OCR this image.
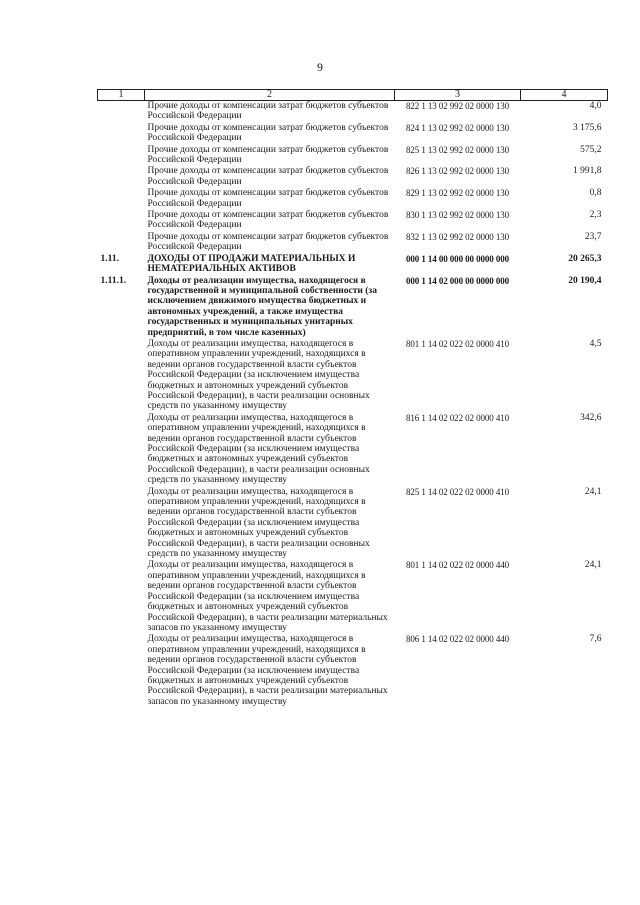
9
1	2	3	4
	Прочие доходы от компенсации затрат бюджетов субъектов Российской Федерации	822 1 13 02 992 02 0000 130	4,0
	Прочие доходы от компенсации затрат бюджетов субъектов Российской Федерации	824 1 13 02 992 02 0000 130	3 175,6
	Прочие доходы от компенсации затрат бюджетов субъектов Российской Федерации	825 1 13 02 992 02 0000 130	575,2
	Прочие доходы от компенсации затрат бюджетов субъектов Российской Федерации	826 1 13 02 992 02 0000 130	1 991,8
	Прочие доходы от компенсации затрат бюджетов субъектов Российской Федерации	829 1 13 02 992 02 0000 130	0,8
	Прочие доходы от компенсации затрат бюджетов субъектов Российской Федерации	830 1 13 02 992 02 0000 130	2,3
	Прочие доходы от компенсации затрат бюджетов субъектов Российской Федерации	832 1 13 02 992 02 0000 130	23,7
1.11.	ДОХОДЫ ОТ ПРОДАЖИ МАТЕРИАЛЬНЫХ И НЕМАТЕРИАЛЬНЫХ АКТИВОВ	000 1 14 00 000 00 0000 000	20 265,3
1.11.1.	Доходы от реализации имущества, находящегося в государственной и муниципальной собственности (за исключением движимого имущества бюджетных и автономных учреждений, а также имущества государственных и муниципальных унитарных предприятий, в том числе казенных)	000 1 14 02 000 00 0000 000	20 190,4
	Доходы от реализации имущества, находящегося в оперативном управлении учреждений, находящихся в ведении органов государственной власти субъектов Российской Федерации (за исключением имущества бюджетных и автономных учреждений субъектов Российской Федерации), в части реализации основных средств по указанному имуществу	801 1 14 02 022 02 0000 410	4,5
	Доходы от реализации имущества, находящегося в оперативном управлении учреждений, находящихся в ведении органов государственной власти субъектов Российской Федерации (за исключением имущества бюджетных и автономных учреждений субъектов Российской Федерации), в части реализации основных средств по указанному имуществу	816 1 14 02 022 02 0000 410	342,6
	Доходы от реализации имущества, находящегося в оперативном управлении учреждений, находящихся в ведении органов государственной власти субъектов Российской Федерации (за исключением имущества бюджетных и автономных учреждений субъектов Российской Федерации), в части реализации основных средств по указанному имуществу	825 1 14 02 022 02 0000 410	24,1
	Доходы от реализации имущества, находящегося в оперативном управлении учреждений, находящихся в ведении органов государственной власти субъектов Российской Федерации (за исключением имущества бюджетных и автономных учреждений субъектов Российской Федерации), в части реализации материальных запасов по указанному имуществу	801 1 14 02 022 02 0000 440	24,1
	Доходы от реализации имущества, находящегося в оперативном управлении учреждений, находящихся в ведении органов государственной власти субъектов Российской Федерации (за исключением имущества бюджетных и автономных учреждений субъектов Российской Федерации), в части реализации материальных запасов по указанному имуществу	806 1 14 02 022 02 0000 440	7,6
